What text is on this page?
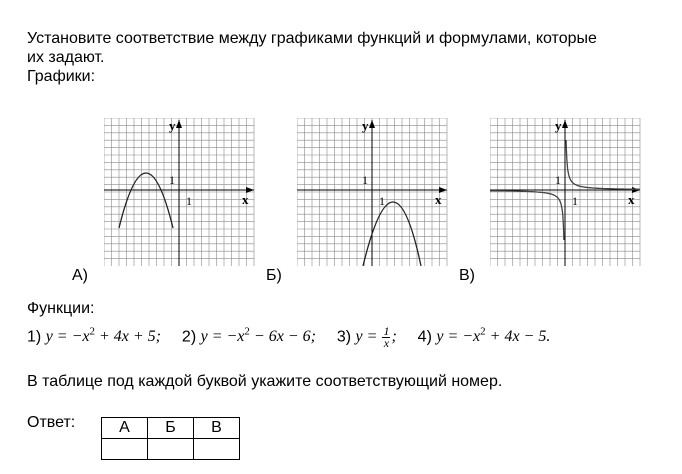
Установите соответствие между графиками функций и формулами, которые
их задают.
Графики:
y
x
1
1
А)
y
x
1
1
Б)
y
x
1
1
В)
Функции:
1) $y = -x^2 + 4x + 5$; 2) $y = -x^2 - 6x - 6$; 3) $y = \frac{1}{x}$ ; 4) $y = -x^2 + 4x - 5$.
В таблице под каждой буквой укажите соответствующий номер.
Ответ:	А	Б	В
